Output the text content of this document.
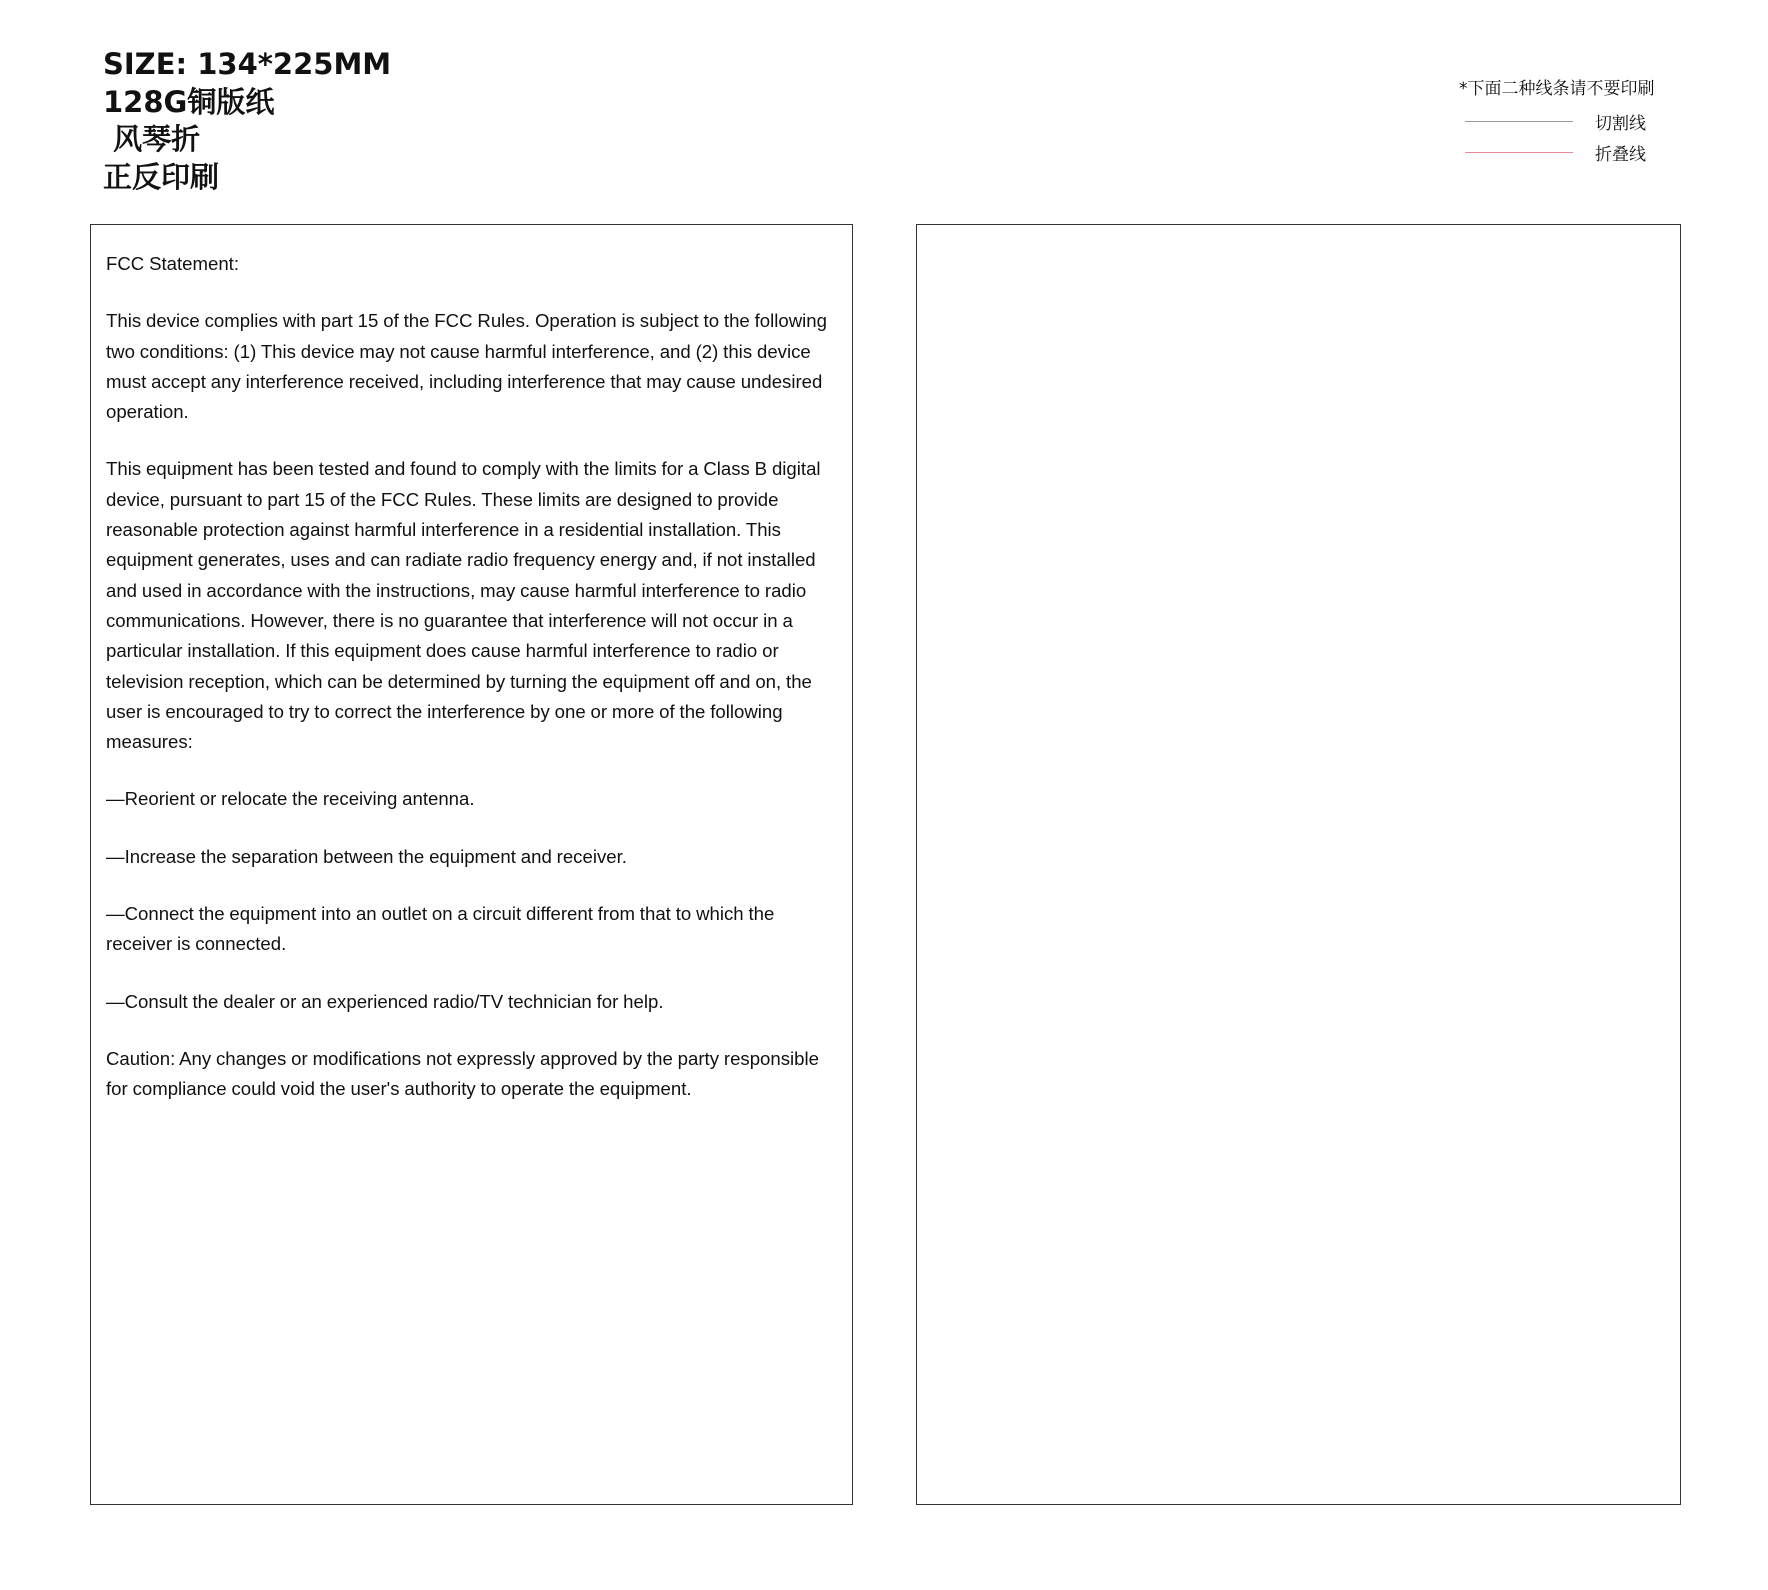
SIZE: 134*225MM
128G铜版纸
风琴折
正反印刷
*下面二种线条请不要印刷
切割线
折叠线

FCC Statement:

This device complies with part 15 of the FCC Rules. Operation is subject to the following two conditions: (1) This device may not cause harmful interference, and (2) this device must accept any interference received, including interference that may cause undesired operation.

This equipment has been tested and found to comply with the limits for a Class B digital device, pursuant to part 15 of the FCC Rules. These limits are designed to provide reasonable protection against harmful interference in a residential installation. This equipment generates, uses and can radiate radio frequency energy and, if not installed and used in accordance with the instructions, may cause harmful interference to radio communications. However, there is no guarantee that interference will not occur in a particular installation. If this equipment does cause harmful interference to radio or television reception, which can be determined by turning the equipment off and on, the user is encouraged to try to correct the interference by one or more of the following measures:

—Reorient or relocate the receiving antenna.

—Increase the separation between the equipment and receiver.

—Connect the equipment into an outlet on a circuit different from that to which the receiver is connected.

—Consult the dealer or an experienced radio/TV technician for help.

Caution: Any changes or modifications not expressly approved by the party responsible for compliance could void the user's authority to operate the equipment.
